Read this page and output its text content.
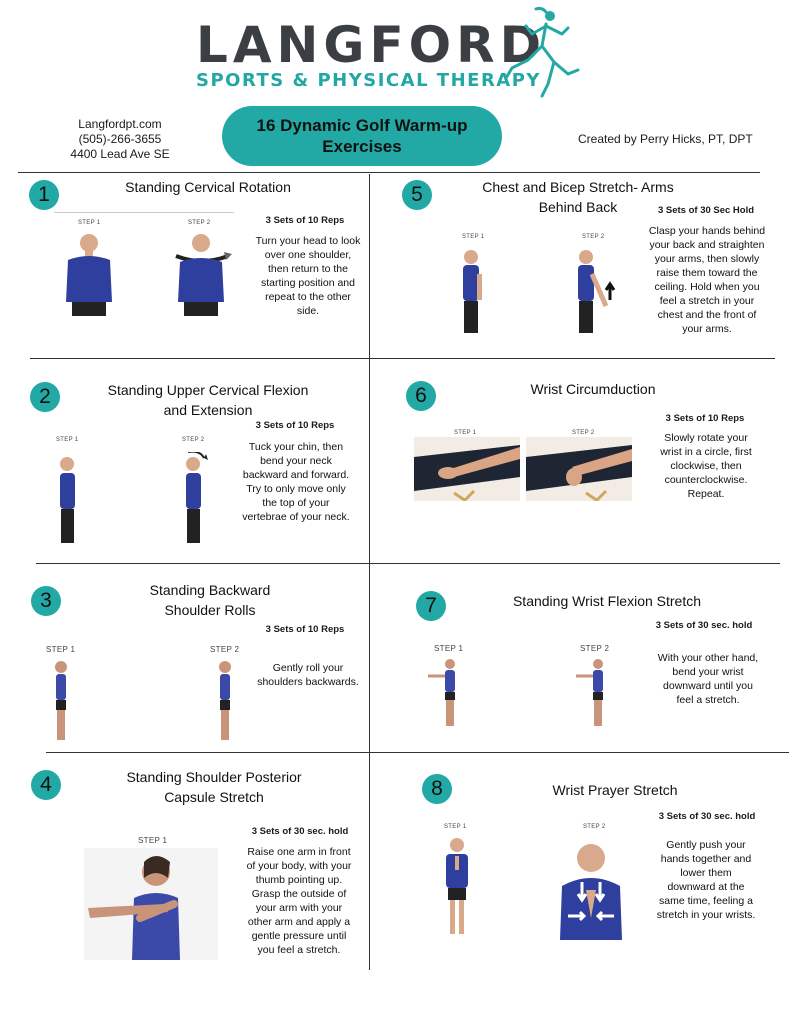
LANGFORD
SPORTS & PHYSICAL THERAPY
Langfordpt.com
(505)-266-3655
4400 Lead Ave SE
16 Dynamic Golf Warm-up
Exercises	Created by Perry Hicks, PT, DPT
1	Standing Cervical Rotation
STEP 1	STEP 2	3 Sets of 10 Reps
Turn your head to look
over one shoulder,
then return to the
starting position and
repeat to the other
side.
2	Standing Upper Cervical Flexion
and Extension
STEP 1	STEP 2
3 Sets of 10 Reps
Tuck your chin, then
bend your neck
backward and forward.
Try to only move only
the top of your
vertebrae of your neck.
3	Standing Backward
Shoulder Rolls
3 Sets of 10 Reps
STEP 1	STEP 2
Gently roll your
shoulders backwards.
4	Standing Shoulder Posterior
Capsule Stretch
STEP 1
3 Sets of 30 sec. hold
Raise one arm in front
of your body, with your
thumb pointing up.
Grasp the outside of
your arm with your
other arm and apply a
gentle pressure until
you feel a stretch.
5	Chest and Bicep Stretch- Arms
Behind Back
STEP 1	STEP 2
3 Sets of 30 Sec Hold
Clasp your hands behind
your back and straighten
your arms, then slowly
raise them toward the
ceiling. Hold when you
feel a stretch in your
chest and the front of
your arms.
6	Wrist Circumduction
STEP 1	STEP 2
3 Sets of 10 Reps
Slowly rotate your
wrist in a circle, first
clockwise, then
counterclockwise.
Repeat.
7	Standing Wrist Flexion Stretch
3 Sets of 30 sec. hold
STEP 1	STEP 2
With your other hand,
bend your wrist
downward until you
feel a stretch.
8	Wrist Prayer Stretch
3 Sets of 30 sec. hold
STEP 1	STEP 2
Gently push your
hands together and
lower them
downward at the
same time, feeling a
stretch in your wrists.
